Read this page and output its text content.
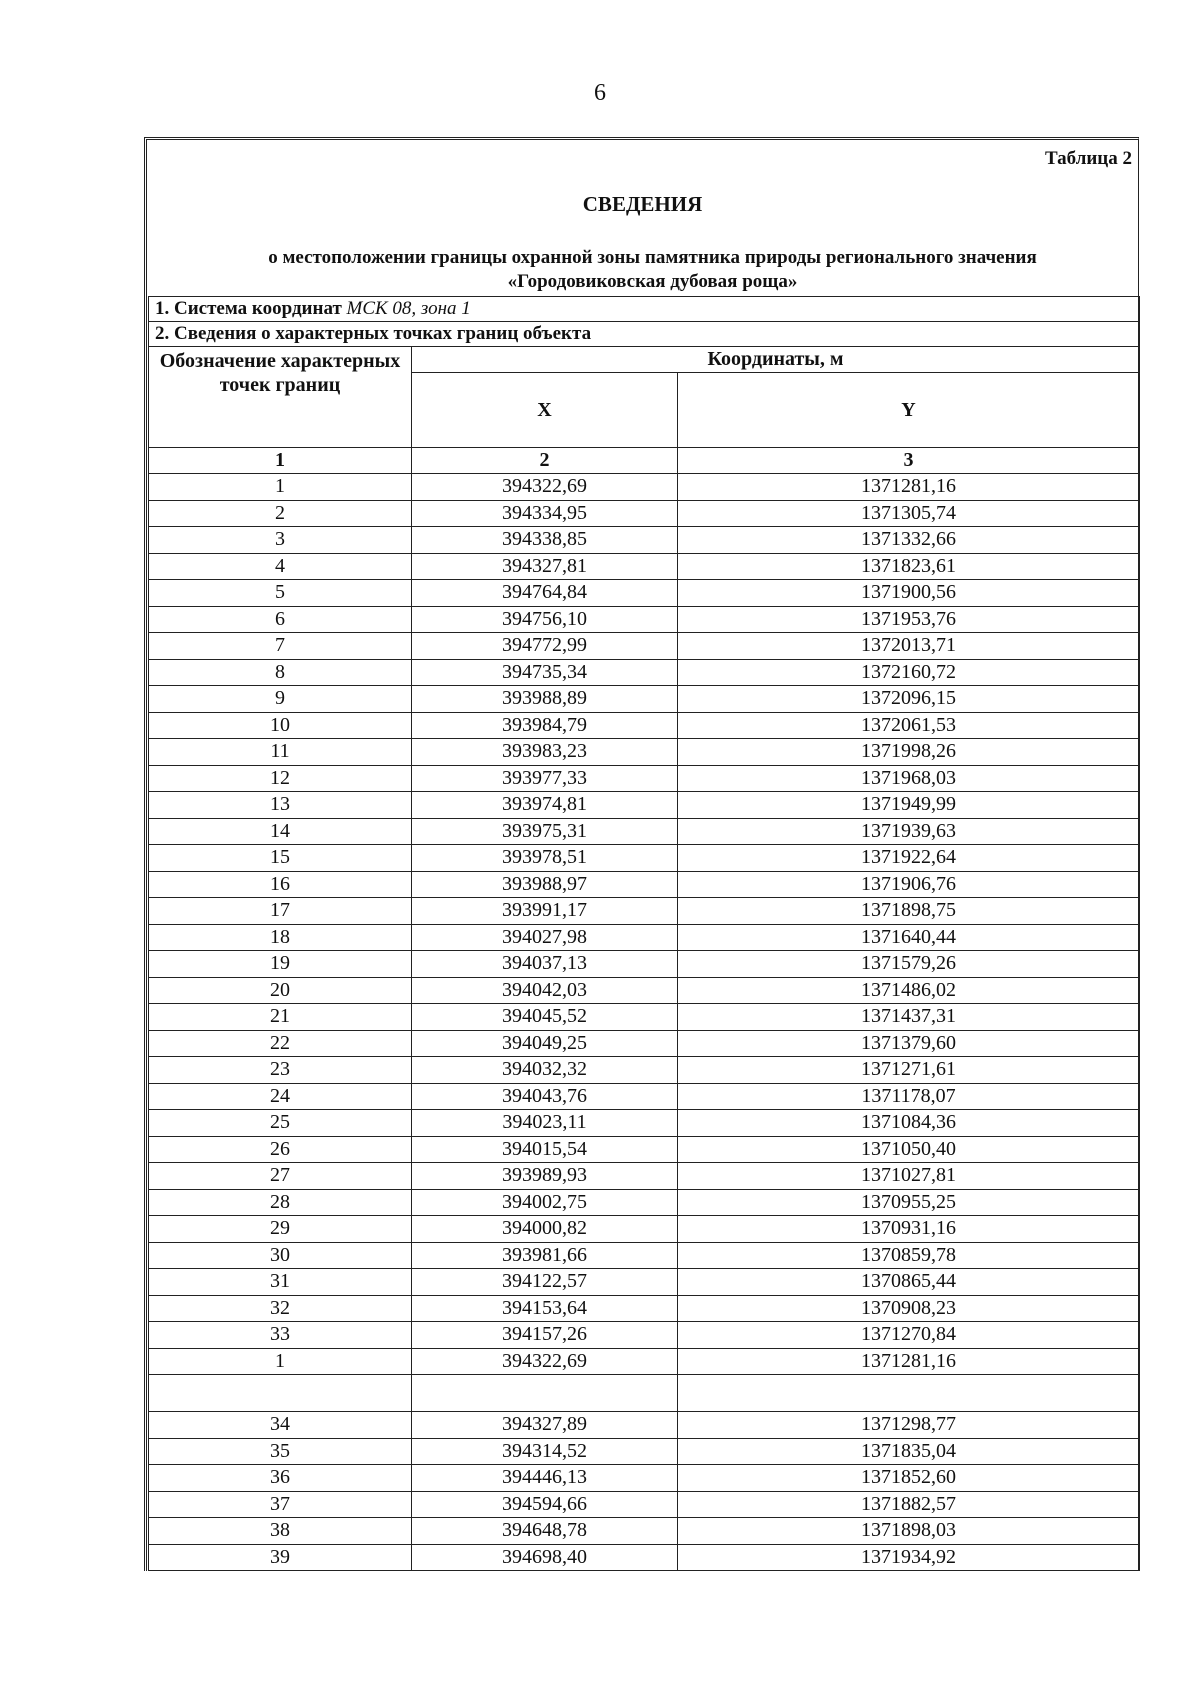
6
Таблица 2
СВЕДЕНИЯ
о местоположении границы охранной зоны памятника природы регионального значения
«Городовиковская дубовая роща»
1. Система координат МСК 08, зона 1		
2. Сведения о характерных точках границ объекта		
Обозначение характерных точек границ	Координаты, м	
	X	Y
1	2	3
1	394322,69	1371281,16
2	394334,95	1371305,74
3	394338,85	1371332,66
4	394327,81	1371823,61
5	394764,84	1371900,56
6	394756,10	1371953,76
7	394772,99	1372013,71
8	394735,34	1372160,72
9	393988,89	1372096,15
10	393984,79	1372061,53
11	393983,23	1371998,26
12	393977,33	1371968,03
13	393974,81	1371949,99
14	393975,31	1371939,63
15	393978,51	1371922,64
16	393988,97	1371906,76
17	393991,17	1371898,75
18	394027,98	1371640,44
19	394037,13	1371579,26
20	394042,03	1371486,02
21	394045,52	1371437,31
22	394049,25	1371379,60
23	394032,32	1371271,61
24	394043,76	1371178,07
25	394023,11	1371084,36
26	394015,54	1371050,40
27	393989,93	1371027,81
28	394002,75	1370955,25
29	394000,82	1370931,16
30	393981,66	1370859,78
31	394122,57	1370865,44
32	394153,64	1370908,23
33	394157,26	1371270,84
1	394322,69	1371281,16

34	394327,89	1371298,77
35	394314,52	1371835,04
36	394446,13	1371852,60
37	394594,66	1371882,57
38	394648,78	1371898,03
39	394698,40	1371934,92
